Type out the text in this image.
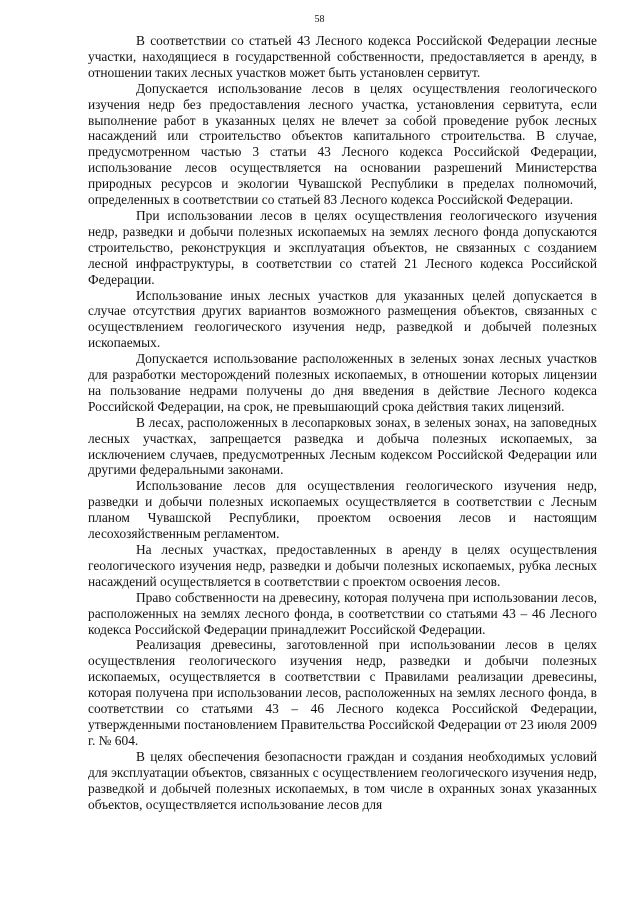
58

В соответствии со статьей 43 Лесного кодекса Российской Федерации лесные участки, находящиеся в государственной собственности, предоставляется в аренду, в отношении таких лесных участков может быть установлен сервитут.

Допускается использование лесов в целях осуществления геологического изучения недр без предоставления лесного участка, установления сервитута, если выполнение работ в указанных целях не влечет за собой проведение рубок лесных насаждений или строительство объектов капитального строительства. В случае, предусмотренном частью 3 статьи 43 Лесного кодекса Российской Федерации, использование лесов осуществляется на основании разрешений Министерства природных ресурсов и экологии Чувашской Республики в пределах полномочий, определенных в соответствии со статьей 83 Лесного кодекса Российской Федерации.

При использовании лесов в целях осуществления геологического изучения недр, разведки и добычи полезных ископаемых на землях лесного фонда допускаются строительство, реконструкция и эксплуатация объектов, не связанных с созданием лесной инфраструктуры, в соответствии со статей 21 Лесного кодекса Российской Федерации.

Использование иных лесных участков для указанных целей допускается в случае отсутствия других вариантов возможного размещения объектов, связанных с осуществлением геологического изучения недр, разведкой и добычей полезных ископаемых.

Допускается использование расположенных в зеленых зонах лесных участков для разработки месторождений полезных ископаемых, в отношении которых лицензии на пользование недрами получены до дня введения в действие Лесного кодекса Российской Федерации, на срок, не превышающий срока действия таких лицензий.

В лесах, расположенных в лесопарковых зонах, в зеленых зонах, на заповедных лесных участках, запрещается разведка и добыча полезных ископаемых, за исключением случаев, предусмотренных Лесным кодексом Российской Федерации или другими федеральными законами.

Использование лесов для осуществления геологического изучения недр, разведки и добычи полезных ископаемых осуществляется в соответствии с Лесным планом Чувашской Республики, проектом освоения лесов и настоящим лесохозяйственным регламентом.

На лесных участках, предоставленных в аренду в целях осуществления геологического изучения недр, разведки и добычи полезных ископаемых, рубка лесных насаждений осуществляется в соответствии с проектом освоения лесов.

Право собственности на древесину, которая получена при использовании лесов, расположенных на землях лесного фонда, в соответствии со статьями 43 – 46 Лесного кодекса Российской Федерации принадлежит Российской Федерации.

Реализация древесины, заготовленной при использовании лесов в целях осуществления геологического изучения недр, разведки и добычи полезных ископаемых, осуществляется в соответствии с Правилами реализации древесины, которая получена при использовании лесов, расположенных на землях лесного фонда, в соответствии со статьями 43 – 46 Лесного кодекса Российской Федерации, утвержденными постановлением Правительства Российской Федерации от 23 июля 2009 г. № 604.

В целях обеспечения безопасности граждан и создания необходимых условий для эксплуатации объектов, связанных с осуществлением геологического изучения недр, разведкой и добычей полезных ископаемых, в том числе в охранных зонах указанных объектов, осуществляется использование лесов для
